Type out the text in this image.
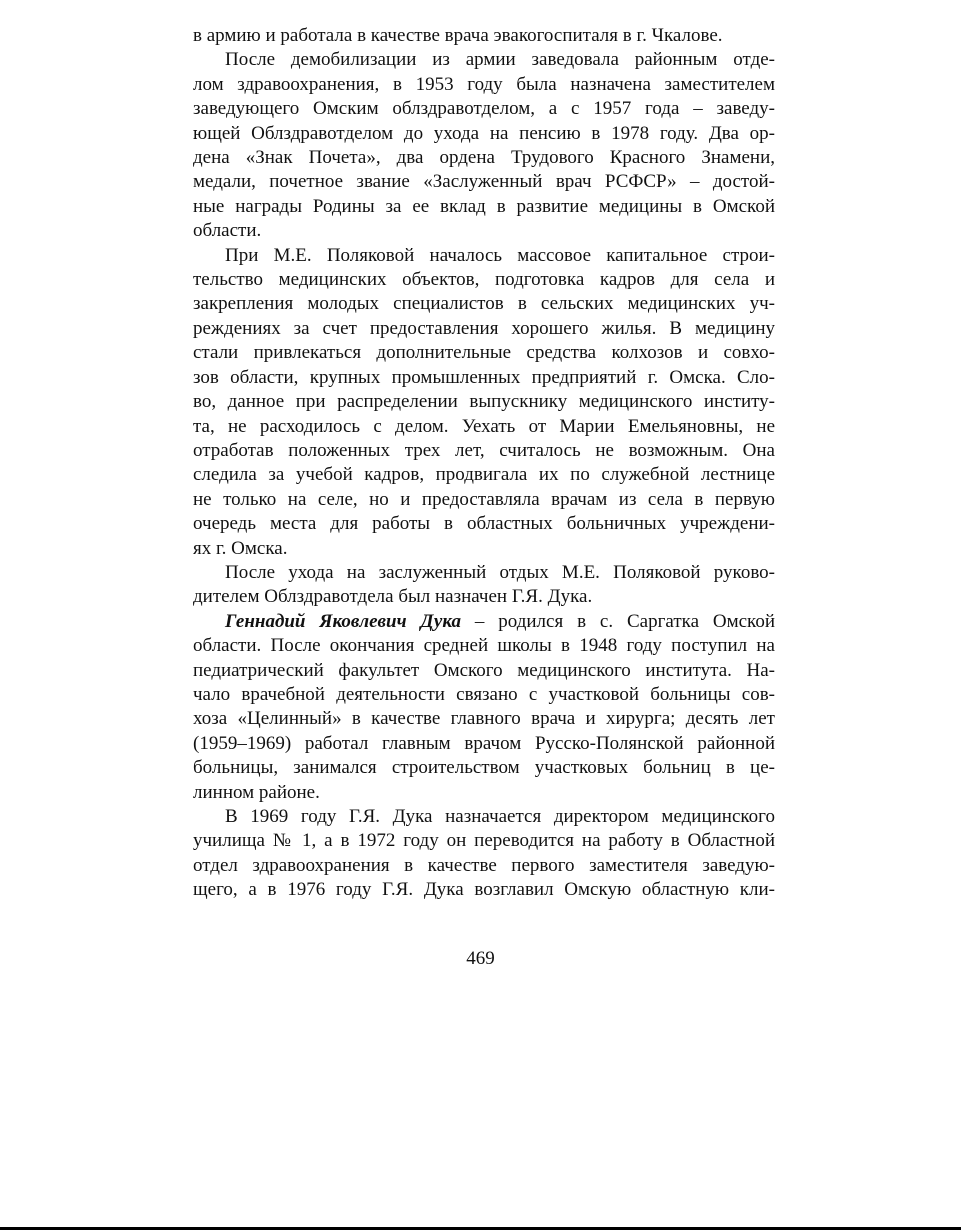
в армию и работала в качестве врача эвакогоспиталя в г. Чкалове.
После демобилизации из армии заведовала районным отде-
лом здравоохранения, в 1953 году была назначена заместителем
заведующего Омским облздравотделом, а с 1957 года – заведу-
ющей Облздравотделом до ухода на пенсию в 1978 году. Два ор-
дена «Знак Почета», два ордена Трудового Красного Знамени,
медали, почетное звание «Заслуженный врач РСФСР» – достой-
ные награды Родины за ее вклад в развитие медицины в Омской
области.
При М.Е. Поляковой началось массовое капитальное строи-
тельство медицинских объектов, подготовка кадров для села и
закрепления молодых специалистов в сельских медицинских уч-
реждениях за счет предоставления хорошего жилья. В медицину
стали привлекаться дополнительные средства колхозов и совхо-
зов области, крупных промышленных предприятий г. Омска. Сло-
во, данное при распределении выпускнику медицинского институ-
та, не расходилось с делом. Уехать от Марии Емельяновны, не
отработав положенных трех лет, считалось не возможным. Она
следила за учебой кадров, продвигала их по служебной лестнице
не только на селе, но и предоставляла врачам из села в первую
очередь места для работы в областных больничных учреждени-
ях г. Омска.
После ухода на заслуженный отдых М.Е. Поляковой руково-
дителем Облздравотдела был назначен Г.Я. Дука.
Геннадий Яковлевич Дука – родился в с. Саргатка Омской
области. После окончания средней школы в 1948 году поступил на
педиатрический факультет Омского медицинского института. На-
чало врачебной деятельности связано с участковой больницы сов-
хоза «Целинный» в качестве главного врача и хирурга; десять лет
(1959–1969) работал главным врачом Русско-Полянской районной
больницы, занимался строительством участковых больниц в це-
линном районе.
В 1969 году Г.Я. Дука назначается директором медицинского
училища № 1, а в 1972 году он переводится на работу в Областной
отдел здравоохранения в качестве первого заместителя заведую-
щего, а в 1976 году Г.Я. Дука возглавил Омскую областную кли-
469
